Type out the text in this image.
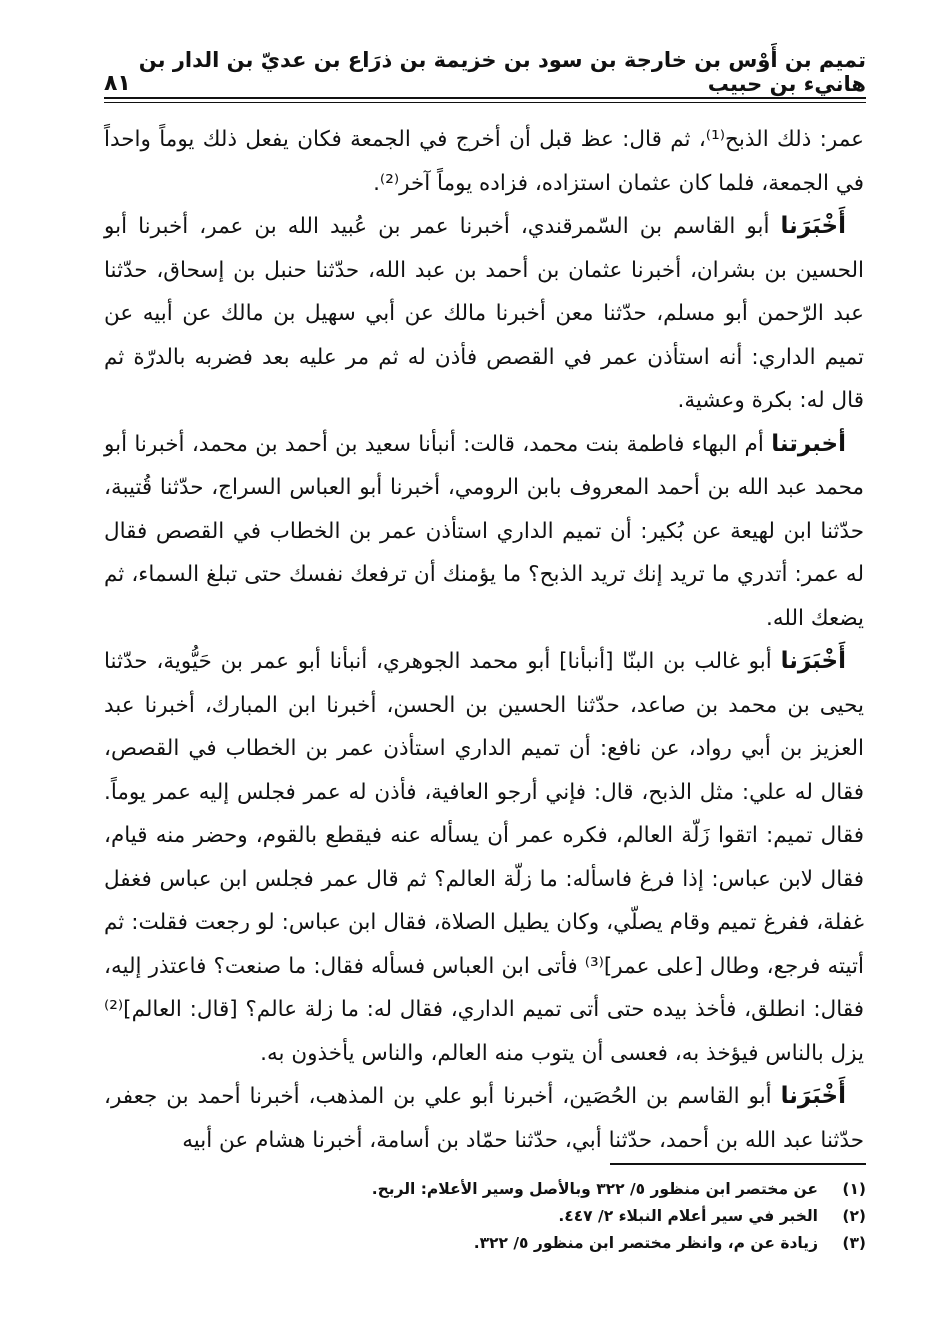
تميم بن أَوْس بن خارجة بن سود بن خزيمة بن ذرَاع بن عديّ بن الدار بن هانيء بن حبيب
٨١

عمر: ذلك الذبح⁽¹⁾، ثم قال: عظ قبل أن أخرج في الجمعة فكان يفعل ذلك يوماً واحداً في الجمعة، فلما كان عثمان استزاده، فزاده يوماً آخر⁽²⁾.

أَخْبَرَنا أبو القاسم بن السّمرقندي، أخبرنا عمر بن عُبيد الله بن عمر، أخبرنا أبو الحسين بن بشران، أخبرنا عثمان بن أحمد بن عبد الله، حدّثنا حنبل بن إسحاق، حدّثنا عبد الرّحمن أبو مسلم، حدّثنا معن أخبرنا مالك عن أبي سهيل بن مالك عن أبيه عن تميم الداري: أنه استأذن عمر في القصص فأذن له ثم مر عليه بعد فضربه بالدرّة ثم قال له: بكرة وعشية.

أخبرتنا أم البهاء فاطمة بنت محمد، قالت: أنبأنا سعيد بن أحمد بن محمد، أخبرنا أبو محمد عبد الله بن أحمد المعروف بابن الرومي، أخبرنا أبو العباس السراج، حدّثنا قُتيبة، حدّثنا ابن لهيعة عن بُكير: أن تميم الداري استأذن عمر بن الخطاب في القصص فقال له عمر: أتدري ما تريد إنك تريد الذبح؟ ما يؤمنك أن ترفعك نفسك حتى تبلغ السماء، ثم يضعك الله.

أَخْبَرَنا أبو غالب بن البنّا [أنبأنا] أبو محمد الجوهري، أنبأنا أبو عمر بن حَيُّوية، حدّثنا يحيى بن محمد بن صاعد، حدّثنا الحسين بن الحسن، أخبرنا ابن المبارك، أخبرنا عبد العزيز بن أبي رواد، عن نافع: أن تميم الداري استأذن عمر بن الخطاب في القصص، فقال له علي: مثل الذبح، قال: فإني أرجو العافية، فأذن له عمر فجلس إليه عمر يوماً. فقال تميم: اتقوا زَلّة العالم، فكره عمر أن يسأله عنه فيقطع بالقوم، وحضر منه قيام، فقال لابن عباس: إذا فرغ فاسأله: ما زلّة العالم؟ ثم قال عمر فجلس ابن عباس فغفل غفلة، ففرغ تميم وقام يصلّي، وكان يطيل الصلاة، فقال ابن عباس: لو رجعت فقلت: ثم أتيته فرجع، وطال [على عمر]⁽³⁾ فأتى ابن العباس فسأله فقال: ما صنعت؟ فاعتذر إليه، فقال: انطلق، فأخذ بيده حتى أتى تميم الداري، فقال له: ما زلة عالم؟ [قال: العالم]⁽²⁾ يزل بالناس فيؤخذ به، فعسى أن يتوب منه العالم، والناس يأخذون به.

أَخْبَرَنا أبو القاسم بن الحُصَين، أخبرنا أبو علي بن المذهب، أخبرنا أحمد بن جعفر، حدّثنا عبد الله بن أحمد، حدّثنا أبي، حدّثنا حمّاد بن أسامة، أخبرنا هشام عن أبيه

(١)
عن مختصر ابن منظور ٥/ ٣٢٢ وبالأصل وسير الأعلام: الربح.
(٢)
الخبر في سير أعلام النبلاء ٢/ ٤٤٧.
(٣)
زيادة عن م، وانظر مختصر ابن منظور ٥/ ٣٢٢.
